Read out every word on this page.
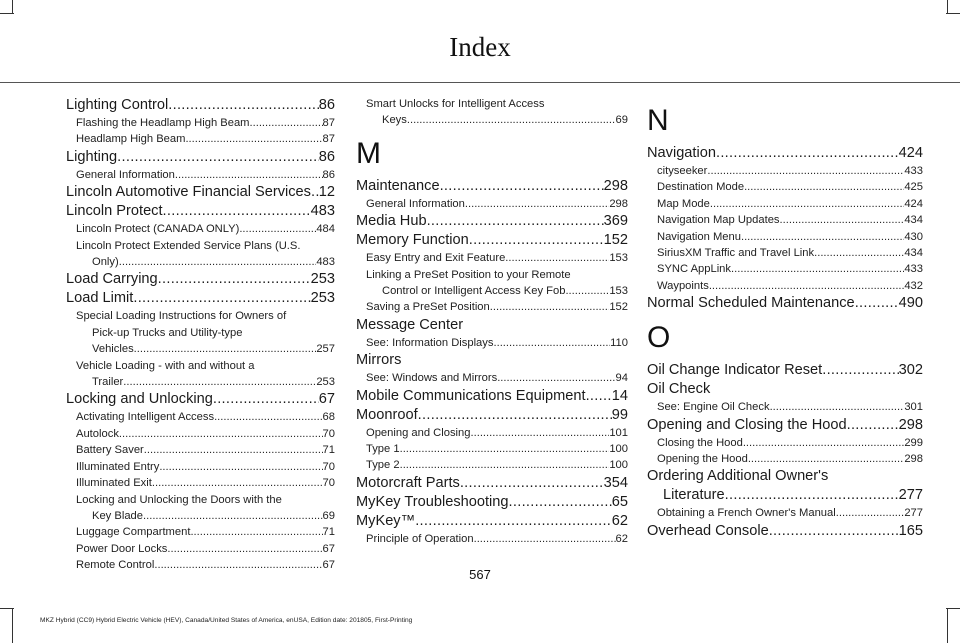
Index
Lighting Control .....	86
Flashing the Headlamp High Beam .....	87
Headlamp High Beam .....	87
Lighting .....	86
General Information .....	86
Lincoln Automotive Financial Services ..... 12
Lincoln Protect .....	483
Lincoln Protect (CANADA ONLY) .....	484
Lincoln Protect Extended Service Plans (U.S.
Only) .....	483
Load Carrying .....	253
Load Limit .....	253
Special Loading Instructions for Owners of
Pick-up Trucks and Utility-type
Vehicles .....	257
Vehicle Loading - with and without a
Trailer .....	253
Locking and Unlocking .....	67
Activating Intelligent Access .....	68
Autolock .....	70
Battery Saver .....	71
Illuminated Entry .....	70
Illuminated Exit .....	70
Locking and Unlocking the Doors with the
Key Blade .....	69
Luggage Compartment .....	71
Power Door Locks .....	67
Remote Control .....	67
Smart Unlocks for Intelligent Access
Keys .....	69
M
Maintenance .....	298
General Information .....	298
Media Hub .....	369
Memory Function .....	152
Easy Entry and Exit Feature .....	153
Linking a PreSet Position to your Remote
Control or Intelligent Access Key Fob .....	153
Saving a PreSet Position .....	152
Message Center
See: Information Displays .....	110
Mirrors
See: Windows and Mirrors .....	94
Mobile Communications Equipment ..... 14
Moonroof .....	99
Opening and Closing .....	101
Type 1 .....	100
Type 2 .....	100
Motorcraft Parts .....	354
MyKey Troubleshooting .....	65
MyKey™ .....	62
Principle of Operation .....	62
N
Navigation .....	424
cityseeker .....	433
Destination Mode .....	425
Map Mode .....	424
Navigation Map Updates .....	434
Navigation Menu .....	430
SiriusXM Traffic and Travel Link .....	434
SYNC AppLink .....	433
Waypoints .....	432
Normal Scheduled Maintenance .....	490
O
Oil Change Indicator Reset .....	302
Oil Check
See: Engine Oil Check .....	301
Opening and Closing the Hood .....	298
Closing the Hood .....	299
Opening the Hood .....	298
Ordering Additional Owner's
Literature .....	277
Obtaining a French Owner's Manual .....	277
Overhead Console .....	165
567
MKZ Hybrid (CC9) Hybrid Electric Vehicle (HEV), Canada/United States of America, enUSA, Edition date: 201805, First-Printing
